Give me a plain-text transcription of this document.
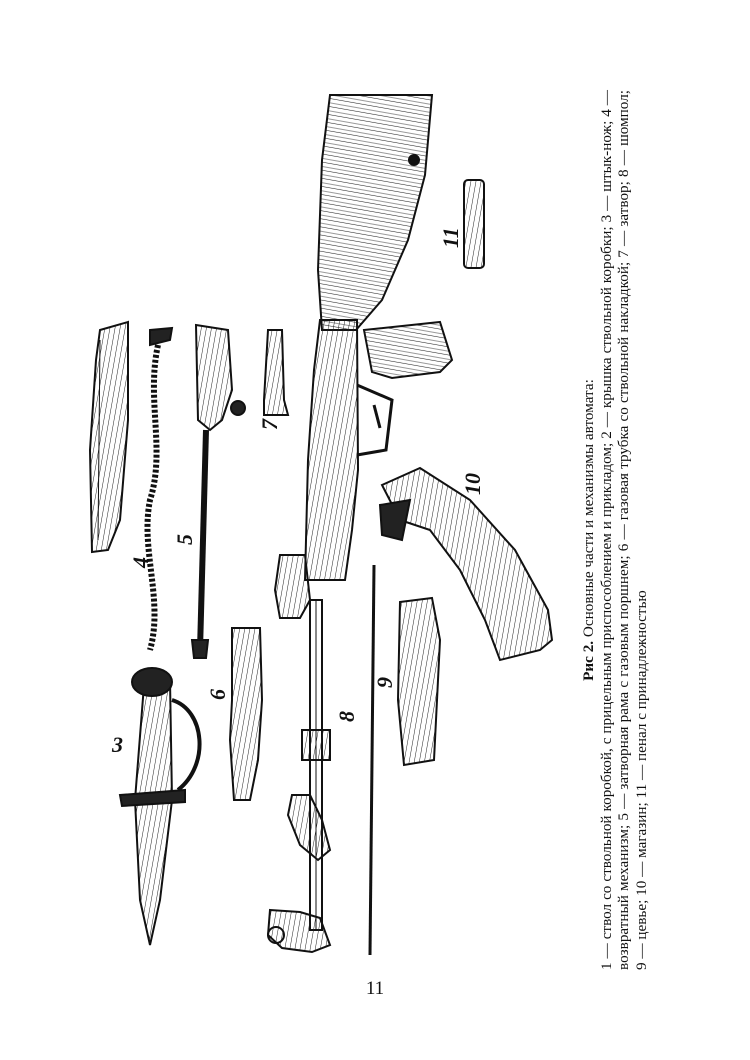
3
4
5
6
7
8
9
10
11
Рис 2. Основные части и механизмы автомата: 1 — ствол со ствольной коробкой, с прицельным приспособлением и прикладом; 2 — крышка ствольной коробки; 3 — штык-нож; 4 — возвратный механизм; 5 — затворная рама с газовым поршнем; 6 — газовая трубка со ствольной накладкой; 7 — затвор; 8 — шомпол; 9 — цевье; 10 — магазин; 11 — пенал с принадлежностью
11
